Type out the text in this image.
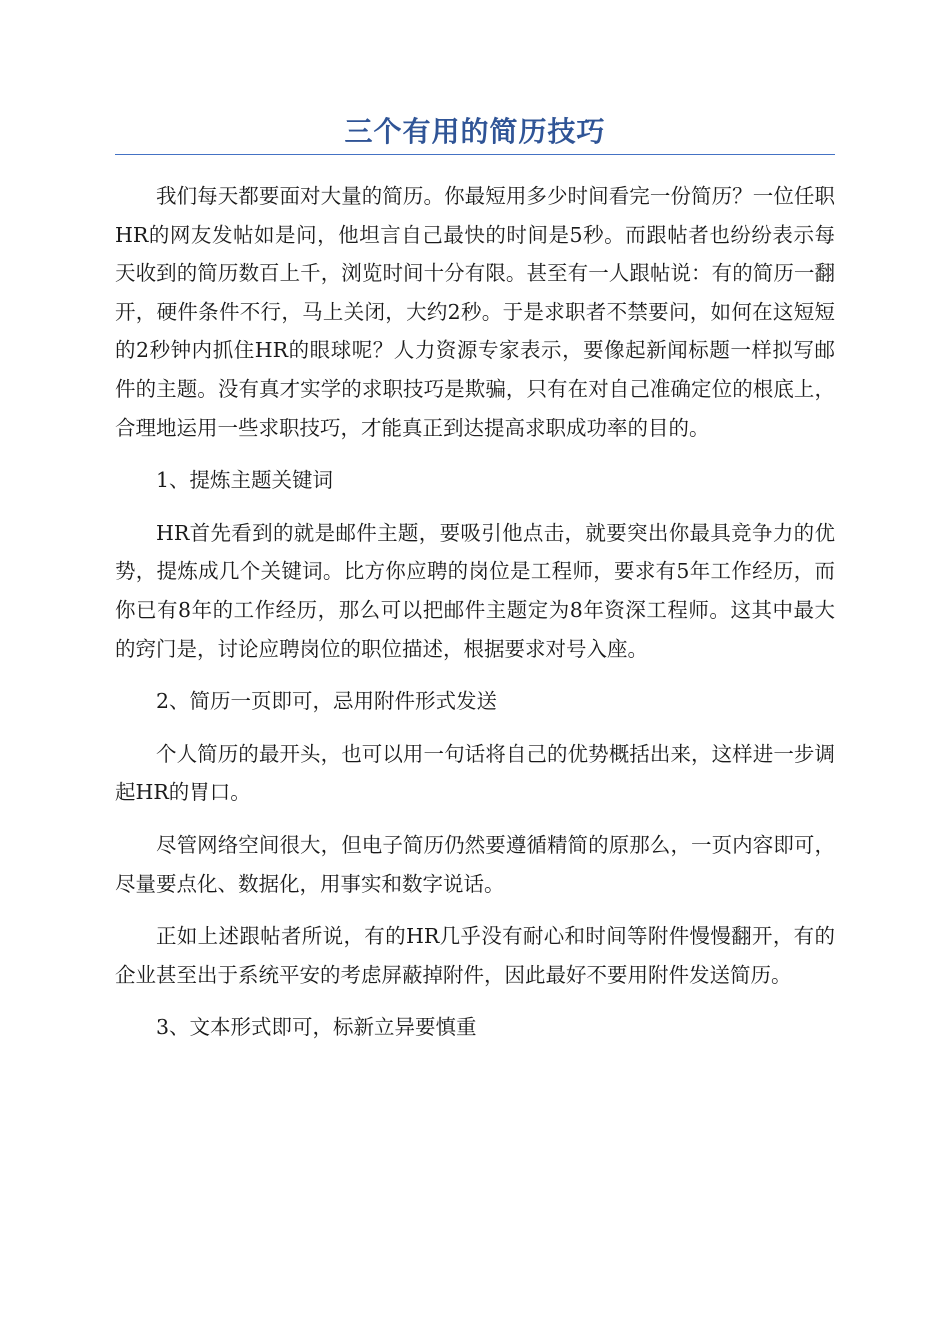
三个有用的简历技巧

我们每天都要面对大量的简历。你最短用多少时间看完一份简历？一位任职HR的网友发帖如是问，他坦言自己最快的时间是5秒。而跟帖者也纷纷表示每天收到的简历数百上千，浏览时间十分有限。甚至有一人跟帖说：有的简历一翻开，硬件条件不行，马上关闭，大约2秒。于是求职者不禁要问，如何在这短短的2秒钟内抓住HR的眼球呢？人力资源专家表示，要像起新闻标题一样拟写邮件的主题。没有真才实学的求职技巧是欺骗，只有在对自己准确定位的根底上，合理地运用一些求职技巧，才能真正到达提高求职成功率的目的。

1、提炼主题关键词

HR首先看到的就是邮件主题，要吸引他点击，就要突出你最具竞争力的优势，提炼成几个关键词。比方你应聘的岗位是工程师，要求有5年工作经历，而你已有8年的工作经历，那么可以把邮件主题定为8年资深工程师。这其中最大的窍门是，讨论应聘岗位的职位描述，根据要求对号入座。

2、简历一页即可，忌用附件形式发送

个人简历的最开头，也可以用一句话将自己的优势概括出来，这样进一步调起HR的胃口。

尽管网络空间很大，但电子简历仍然要遵循精简的原那么，一页内容即可，尽量要点化、数据化，用事实和数字说话。

正如上述跟帖者所说，有的HR几乎没有耐心和时间等附件慢慢翻开，有的企业甚至出于系统平安的考虑屏蔽掉附件，因此最好不要用附件发送简历。

3、文本形式即可，标新立异要慎重
